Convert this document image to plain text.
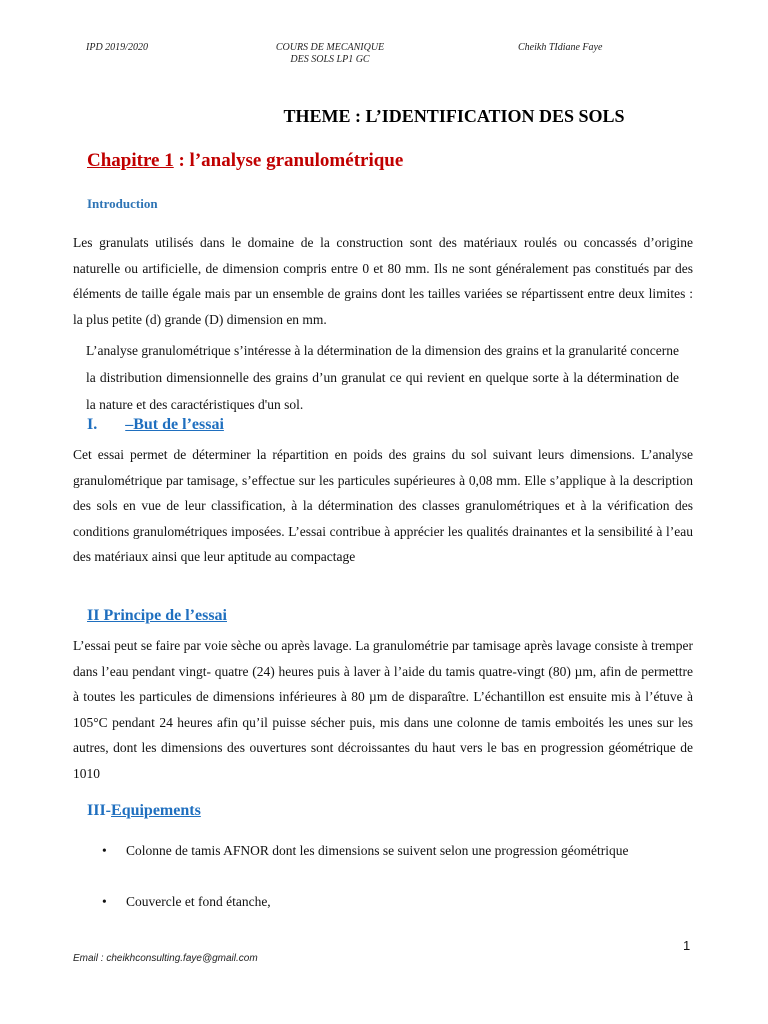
IPD 2019/2020	COURS DE MECANIQUE
DES SOLS LP1 GC
Cheikh TIdiane Faye
THEME : L’IDENTIFICATION DES SOLS
Chapitre 1 : l’analyse granulométrique
Introduction
Les granulats utilisés dans le domaine de la construction sont des matériaux roulés ou concassés d’origine naturelle ou artificielle, de dimension compris entre 0 et 80 mm. Ils ne sont généralement pas constitués par des éléments de taille égale mais par un ensemble de grains dont les tailles variées se répartissent entre deux limites : la plus petite (d) grande (D) dimension en mm.
L’analyse granulométrique s’intéresse à la détermination de la dimension des grains et la granularité concerne la distribution dimensionnelle des grains d’un granulat ce qui revient en quelque sorte à la détermination de la nature et des caractéristiques d'un sol.
I. –But de l’essai
Cet essai permet de déterminer la répartition en poids des grains du sol suivant leurs dimensions. L’analyse granulométrique par tamisage, s’effectue sur les particules supérieures à 0,08 mm. Elle s’applique à la description des sols en vue de leur classification, à la détermination des classes granulométriques et à la vérification des conditions granulométriques imposées. L’essai contribue à apprécier les qualités drainantes et la sensibilité à l’eau des matériaux ainsi que leur aptitude au compactage
II Principe de l’essai
L’essai peut se faire par voie sèche ou après lavage. La granulométrie par tamisage après lavage consiste à tremper dans l’eau pendant vingt- quatre (24) heures puis à laver à l’aide du tamis quatre-vingt (80) µm, afin de permettre à toutes les particules de dimensions inférieures à 80 µm de disparaître. L’échantillon est ensuite mis à l’étuve à 105°C pendant 24 heures afin qu’il puisse sécher puis, mis dans une colonne de tamis emboités les unes sur les autres, dont les dimensions des ouvertures sont décroissantes du haut vers le bas en progression géométrique de 1010
III-Equipements
• Colonne de tamis AFNOR dont les dimensions se suivent selon une progression géométrique
• Couvercle et fond étanche,
1
Email : cheikhconsulting.faye@gmail.com
